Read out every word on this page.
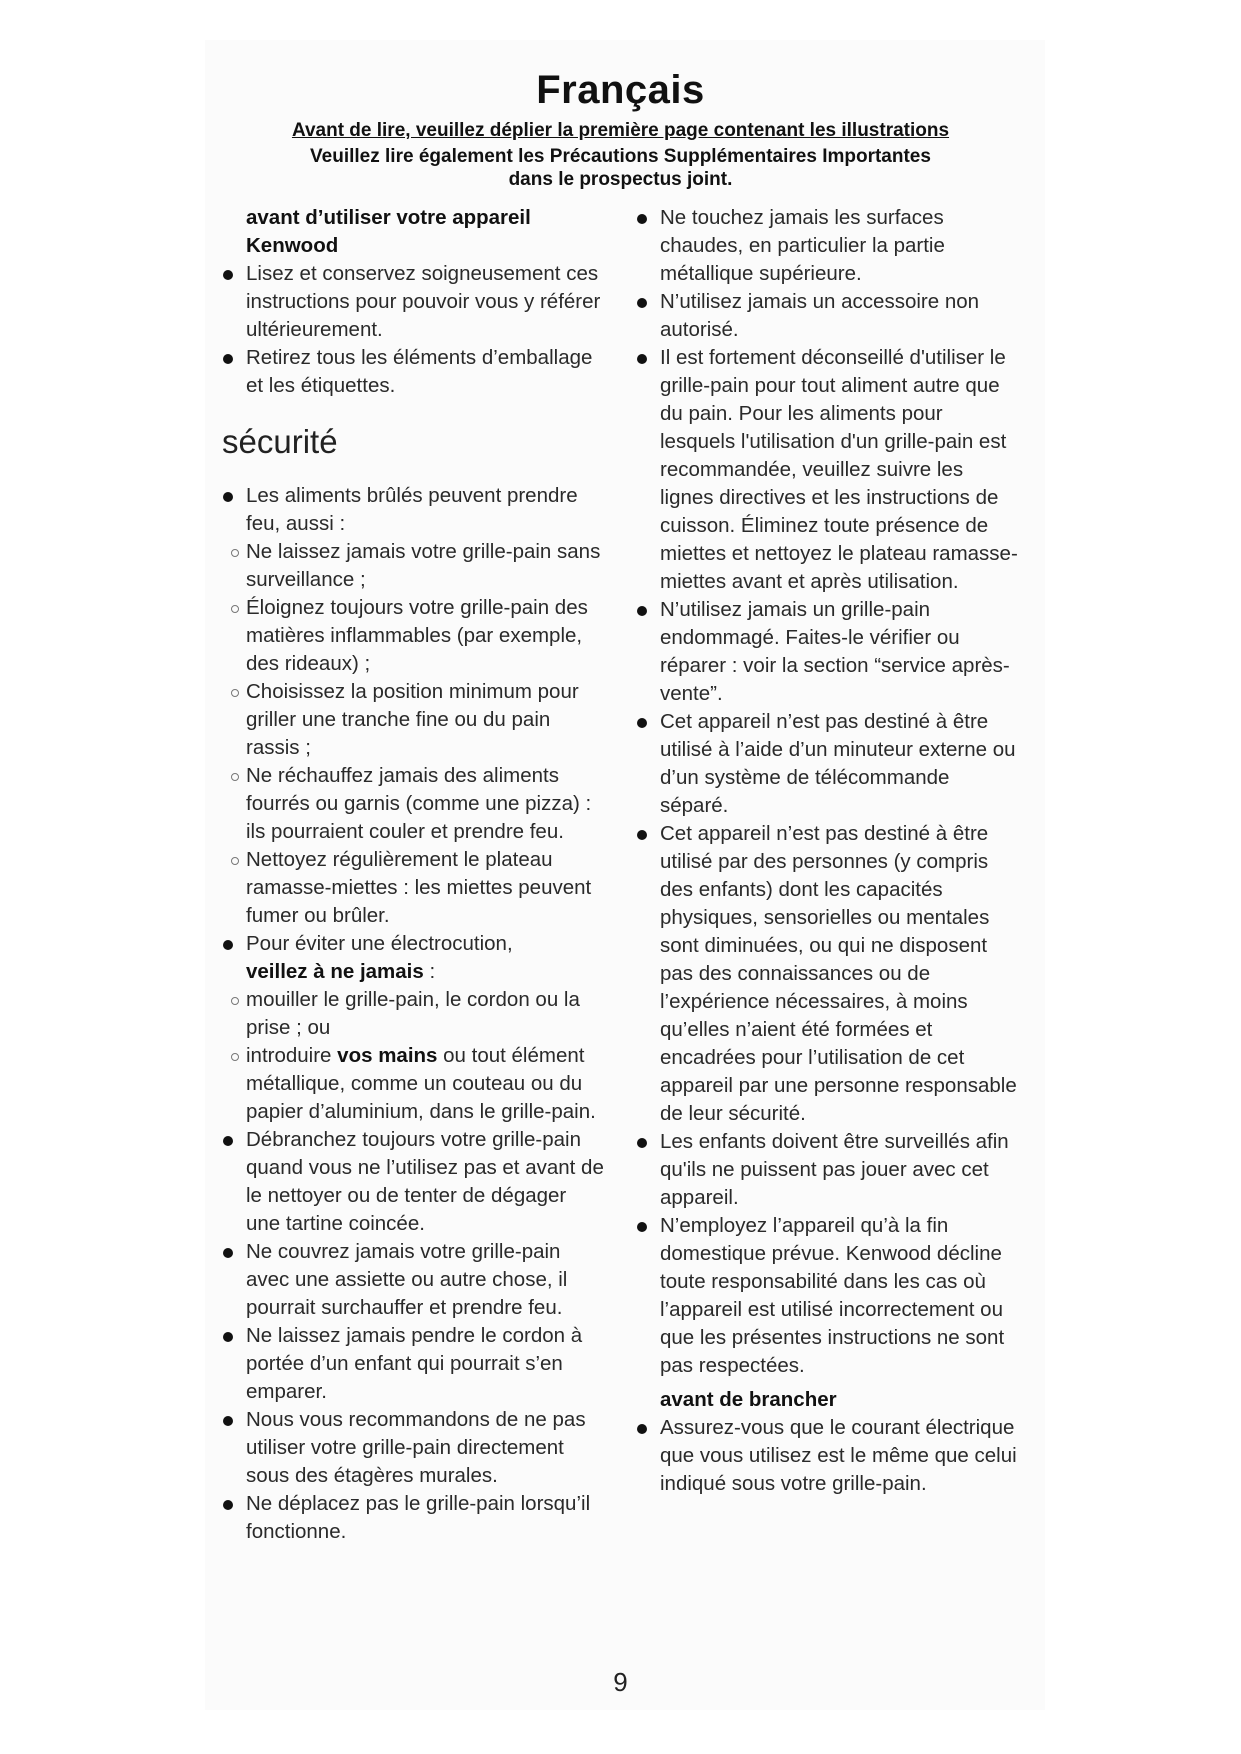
Français
Avant de lire, veuillez déplier la première page contenant les illustrations
Veuillez lire également les Précautions Supplémentaires Importantes
dans le prospectus joint.
avant d’utiliser votre appareil
Kenwood

Lisez et conservez soigneusement ces instructions pour pouvoir vous y référer ultérieurement.

Retirez tous les éléments d’emballage et les étiquettes.

sécurité

Les aliments brûlés peuvent prendre feu, aussi :

Ne laissez jamais votre grille-pain sans surveillance ;

Éloignez toujours votre grille-pain des matières inflammables (par exemple, des rideaux) ;

Choisissez la position minimum pour griller une tranche fine ou du pain rassis ;

Ne réchauffez jamais des aliments fourrés ou garnis (comme une pizza) : ils pourraient couler et prendre feu.

Nettoyez régulièrement le plateau ramasse-miettes : les miettes peuvent fumer ou brûler.

Pour éviter une électrocution,
veillez à ne jamais :

mouiller le grille-pain, le cordon ou la prise ; ou

introduire vos mains ou tout élément métallique, comme un couteau ou du papier d’aluminium, dans le grille-pain.

Débranchez toujours votre grille-pain quand vous ne l’utilisez pas et avant de le nettoyer ou de tenter de dégager une tartine coincée.

Ne couvrez jamais votre grille-pain avec une assiette ou autre chose, il pourrait surchauffer et prendre feu.

Ne laissez jamais pendre le cordon à portée d’un enfant qui pourrait s’en emparer.

Nous vous recommandons de ne pas utiliser votre grille-pain directement sous des étagères murales.

Ne déplacez pas le grille-pain lorsqu’il fonctionne.

Ne touchez jamais les surfaces chaudes, en particulier la partie métallique supérieure.

N’utilisez jamais un accessoire non autorisé.

Il est fortement déconseillé d'utiliser le grille-pain pour tout aliment autre que du pain. Pour les aliments pour lesquels l'utilisation d'un grille-pain est recommandée, veuillez suivre les lignes directives et les instructions de cuisson. Éliminez toute présence de miettes et nettoyez le plateau ramasse-miettes avant et après utilisation.

N’utilisez jamais un grille-pain endommagé. Faites-le vérifier ou réparer : voir la section “service après-vente”.

Cet appareil n’est pas destiné à être utilisé à l’aide d’un minuteur externe ou d’un système de télécommande séparé.

Cet appareil n’est pas destiné à être utilisé par des personnes (y compris des enfants) dont les capacités physiques, sensorielles ou mentales sont diminuées, ou qui ne disposent pas des connaissances ou de l’expérience nécessaires, à moins qu’elles n’aient été formées et encadrées pour l’utilisation de cet appareil par une personne responsable de leur sécurité.

Les enfants doivent être surveillés afin qu'ils ne puissent pas jouer avec cet appareil.

N’employez l’appareil qu’à la fin domestique prévue. Kenwood décline toute responsabilité dans les cas où l’appareil est utilisé incorrectement ou que les présentes instructions ne sont pas respectées.

avant de brancher

Assurez-vous que le courant électrique que vous utilisez est le même que celui indiqué sous votre grille-pain.

9
